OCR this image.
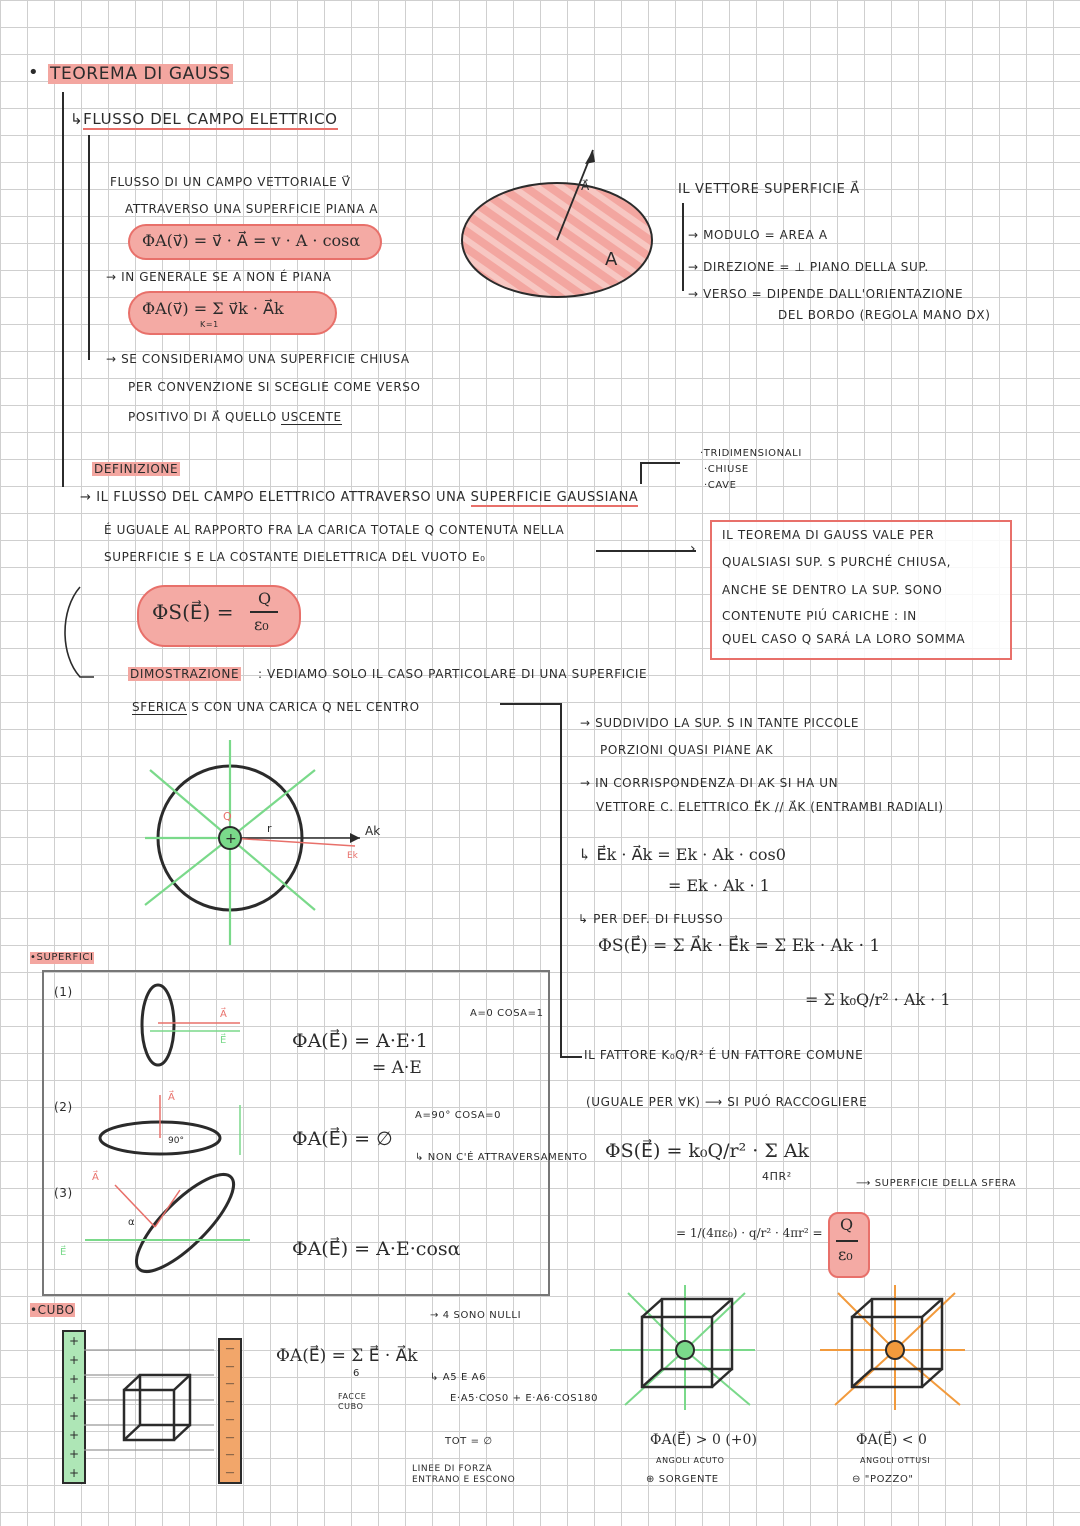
• TEOREMA DI GAUSS
↳FLUSSO DEL CAMPO ELETTRICO
FLUSSO DI UN CAMPO VETTORIALE V⃗
ATTRAVERSO UNA SUPERFICIE PIANA A
ΦA(v⃗) = v⃗ · A⃗ = v · A · cosα
→ IN GENERALE SE A NON É PIANA
ΦA(v⃗) = Σ v⃗k · A⃗k
K=1
→ SE CONSIDERIAMO UNA SUPERFICIE CHIUSA
PER CONVENZIONE SI SCEGLIE COME VERSO
POSITIVO DI A⃗ QUELLO USCENTE
A⃗
A
IL VETTORE SUPERFICIE A⃗
→ MODULO = AREA A
→ DIREZIONE = ⊥ PIANO DELLA SUP.
→ VERSO = DIPENDE DALL'ORIENTAZIONE
DEL BORDO (REGOLA MANO DX)
·TRIDIMENSIONALI
·CHIUSE
·CAVE
DEFINIZIONE
→ IL FLUSSO DEL CAMPO ELETTRICO ATTRAVERSO UNA SUPERFICIE GAUSSIANA
É UGUALE AL RAPPORTO FRA LA CARICA TOTALE Q CONTENUTA NELLA
SUPERFICIE S E LA COSTANTE DIELETTRICA DEL VUOTO Ε₀
ΦS(E⃗) =
Q
ε₀
›
IL TEOREMA DI GAUSS VALE PER
QUALSIASI SUP. S PURCHÉ CHIUSA,
ANCHE SE DENTRO LA SUP. SONO
CONTENUTE PIÚ CARICHE : IN
QUEL CASO Q SARÁ LA LORO SOMMA
DIMOSTRAZIONE : VEDIAMO SOLO IL CASO PARTICOLARE DI UNA SUPERFICIE
SFERICA S CON UNA CARICA Q NEL CENTRO
+
Q
r	Ak
Ek
→ SUDDIVIDO LA SUP. S IN TANTE PICCOLE
PORZIONI QUASI PIANE AK
→ IN CORRISPONDENZA DI AK SI HA UN
VETTORE C. ELETTRICO E⃗K // A⃗K (ENTRAMBI RADIALI)
↳ E⃗k · A⃗k = Ek · Ak · cos0
= Ek · Ak · 1
↳ PER DEF. DI FLUSSO
ΦS(E⃗) = Σ A⃗k · E⃗k = Σ Ek · Ak · 1
= Σ k₀Q/r² · Ak · 1
IL FATTORE K₀Q/R² É UN FATTORE COMUNE
(UGUALE PER ∀K) ⟶ SI PUÓ RACCOGLIERE
ΦS(E⃗) = k₀Q/r² · Σ Ak
4ΠR²
⟶ SUPERFICIE DELLA SFERA
= 1/(4πε₀) · q/r² · 4πr² = Q
ε₀
•SUPERFICI
(1)
(2)
(3)
A⃗
E⃗
A⃗
90°
α
A⃗
E⃗
ΦA(E⃗) = A·E·1
= A·E
Α=0 COSΑ=1
ΦA(E⃗) = ∅
Α=90° COSΑ=0
↳ NON C'É ATTRAVERSAMENTO
ΦA(E⃗) = A·E·cosα
•CUBO
+
+
+
+
+
+
+
+
—
—
—
—
—
—
—
—
ΦA(E⃗) = Σ E⃗ · A⃗k
6
FACCE CUBO
→ 4 SONO NULLI
↳ A5 E A6
E·A5·COS0 + E·A6·COS180
TOT = ∅
LINEE DI FORZA ENTRANO E ESCONO
ΦA(E⃗) > 0 (+0)
ANGOLI ACUTO
⊕ SORGENTE
ΦA(E⃗) < 0
ANGOLI OTTUSI
⊖ "POZZO"
